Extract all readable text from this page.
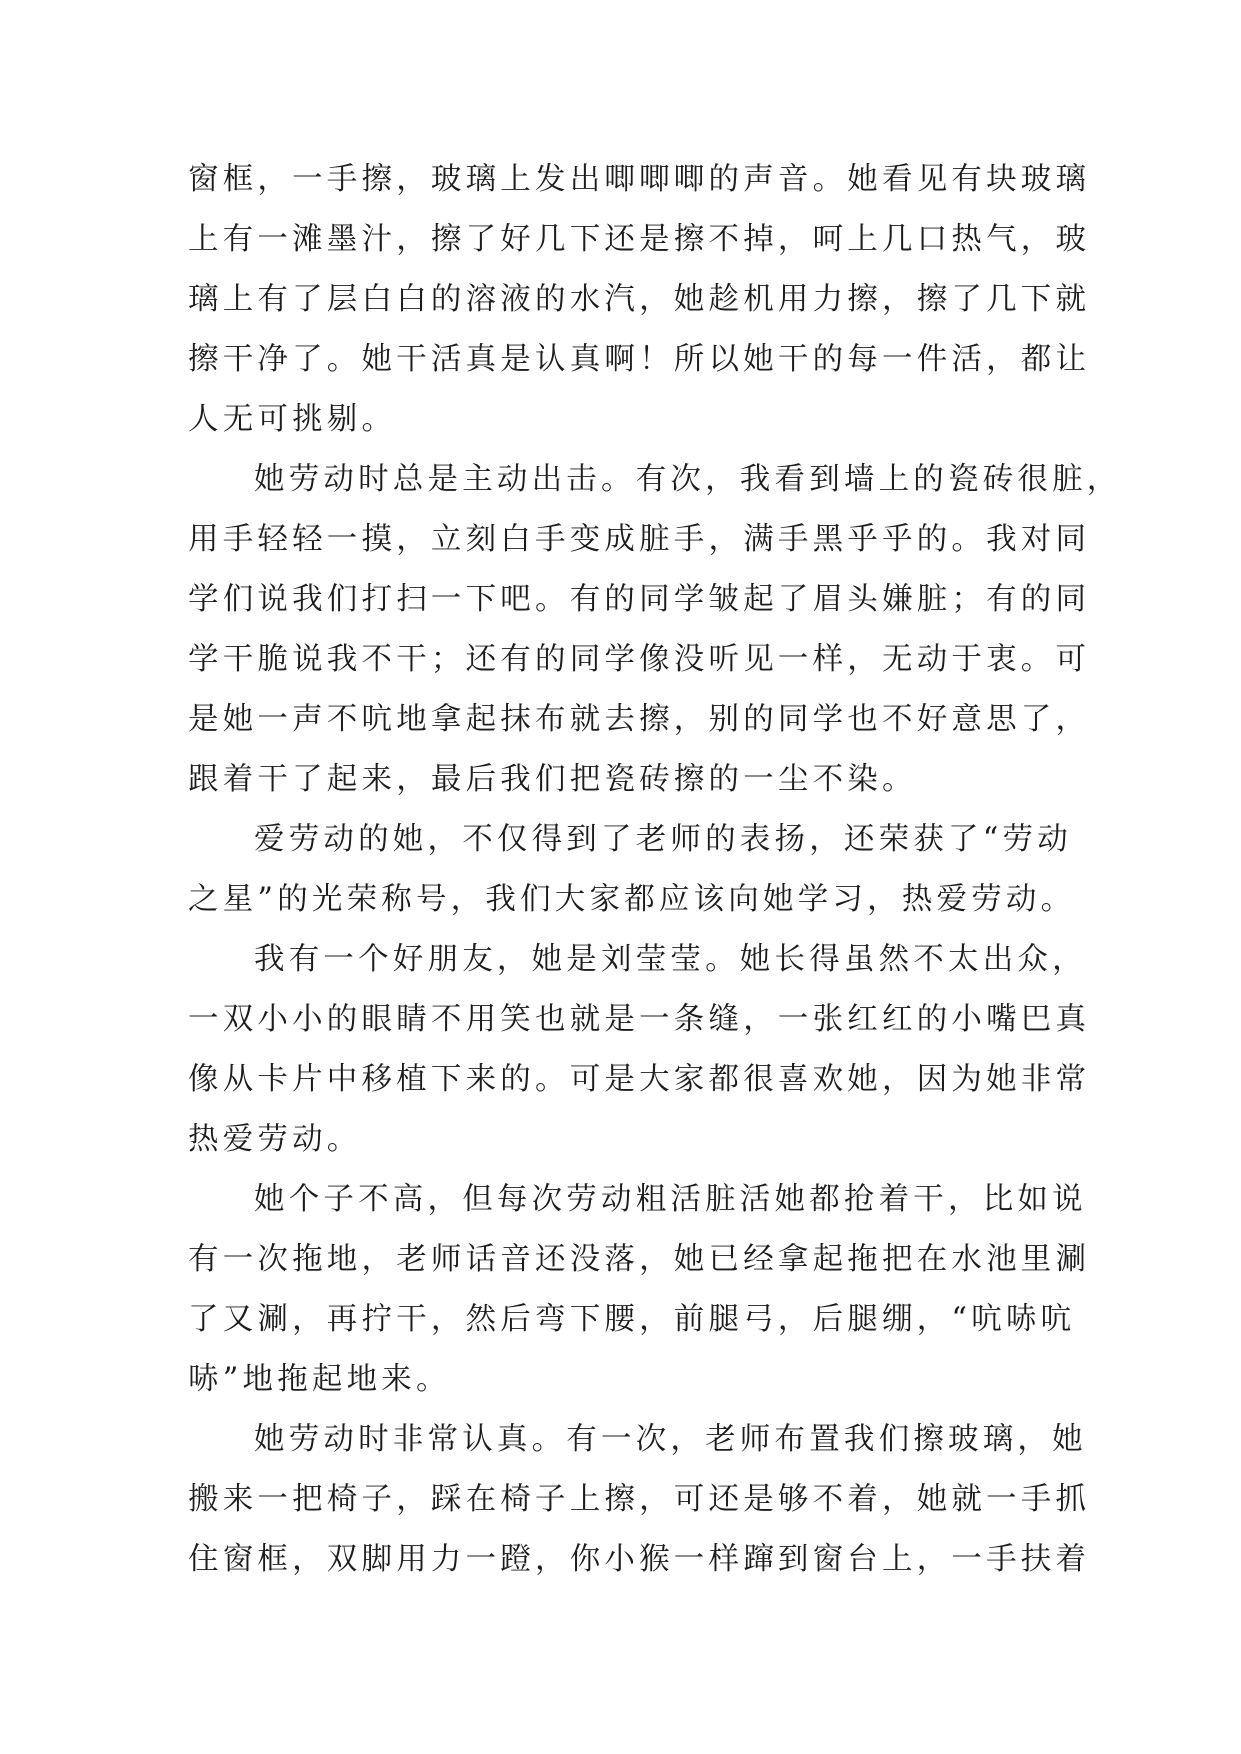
窗框，一手擦，玻璃上发出唧唧唧的声音。她看见有块玻璃
上有一滩墨汁，擦了好几下还是擦不掉，呵上几口热气，玻
璃上有了层白白的溶液的水汽，她趁机用力擦，擦了几下就
擦干净了。她干活真是认真啊！所以她干的每一件活，都让
人无可挑剔。
她劳动时总是主动出击。有次，我看到墙上的瓷砖很脏，
用手轻轻一摸，立刻白手变成脏手，满手黑乎乎的。我对同
学们说我们打扫一下吧。有的同学皱起了眉头嫌脏；有的同
学干脆说我不干；还有的同学像没听见一样，无动于衷。可
是她一声不吭地拿起抹布就去擦，别的同学也不好意思了，
跟着干了起来，最后我们把瓷砖擦的一尘不染。
爱劳动的她，不仅得到了老师的表扬，还荣获了“劳动
之星”的光荣称号，我们大家都应该向她学习，热爱劳动。
我有一个好朋友，她是刘莹莹。她长得虽然不太出众，
一双小小的眼睛不用笑也就是一条缝，一张红红的小嘴巴真
像从卡片中移植下来的。可是大家都很喜欢她，因为她非常
热爱劳动。
她个子不高，但每次劳动粗活脏活她都抢着干，比如说
有一次拖地，老师话音还没落，她已经拿起拖把在水池里涮
了又涮，再拧干，然后弯下腰，前腿弓，后腿绷，“吭哧吭
哧”地拖起地来。
她劳动时非常认真。有一次，老师布置我们擦玻璃，她
搬来一把椅子，踩在椅子上擦，可还是够不着，她就一手抓
住窗框，双脚用力一蹬，你小猴一样蹿到窗台上，一手扶着
